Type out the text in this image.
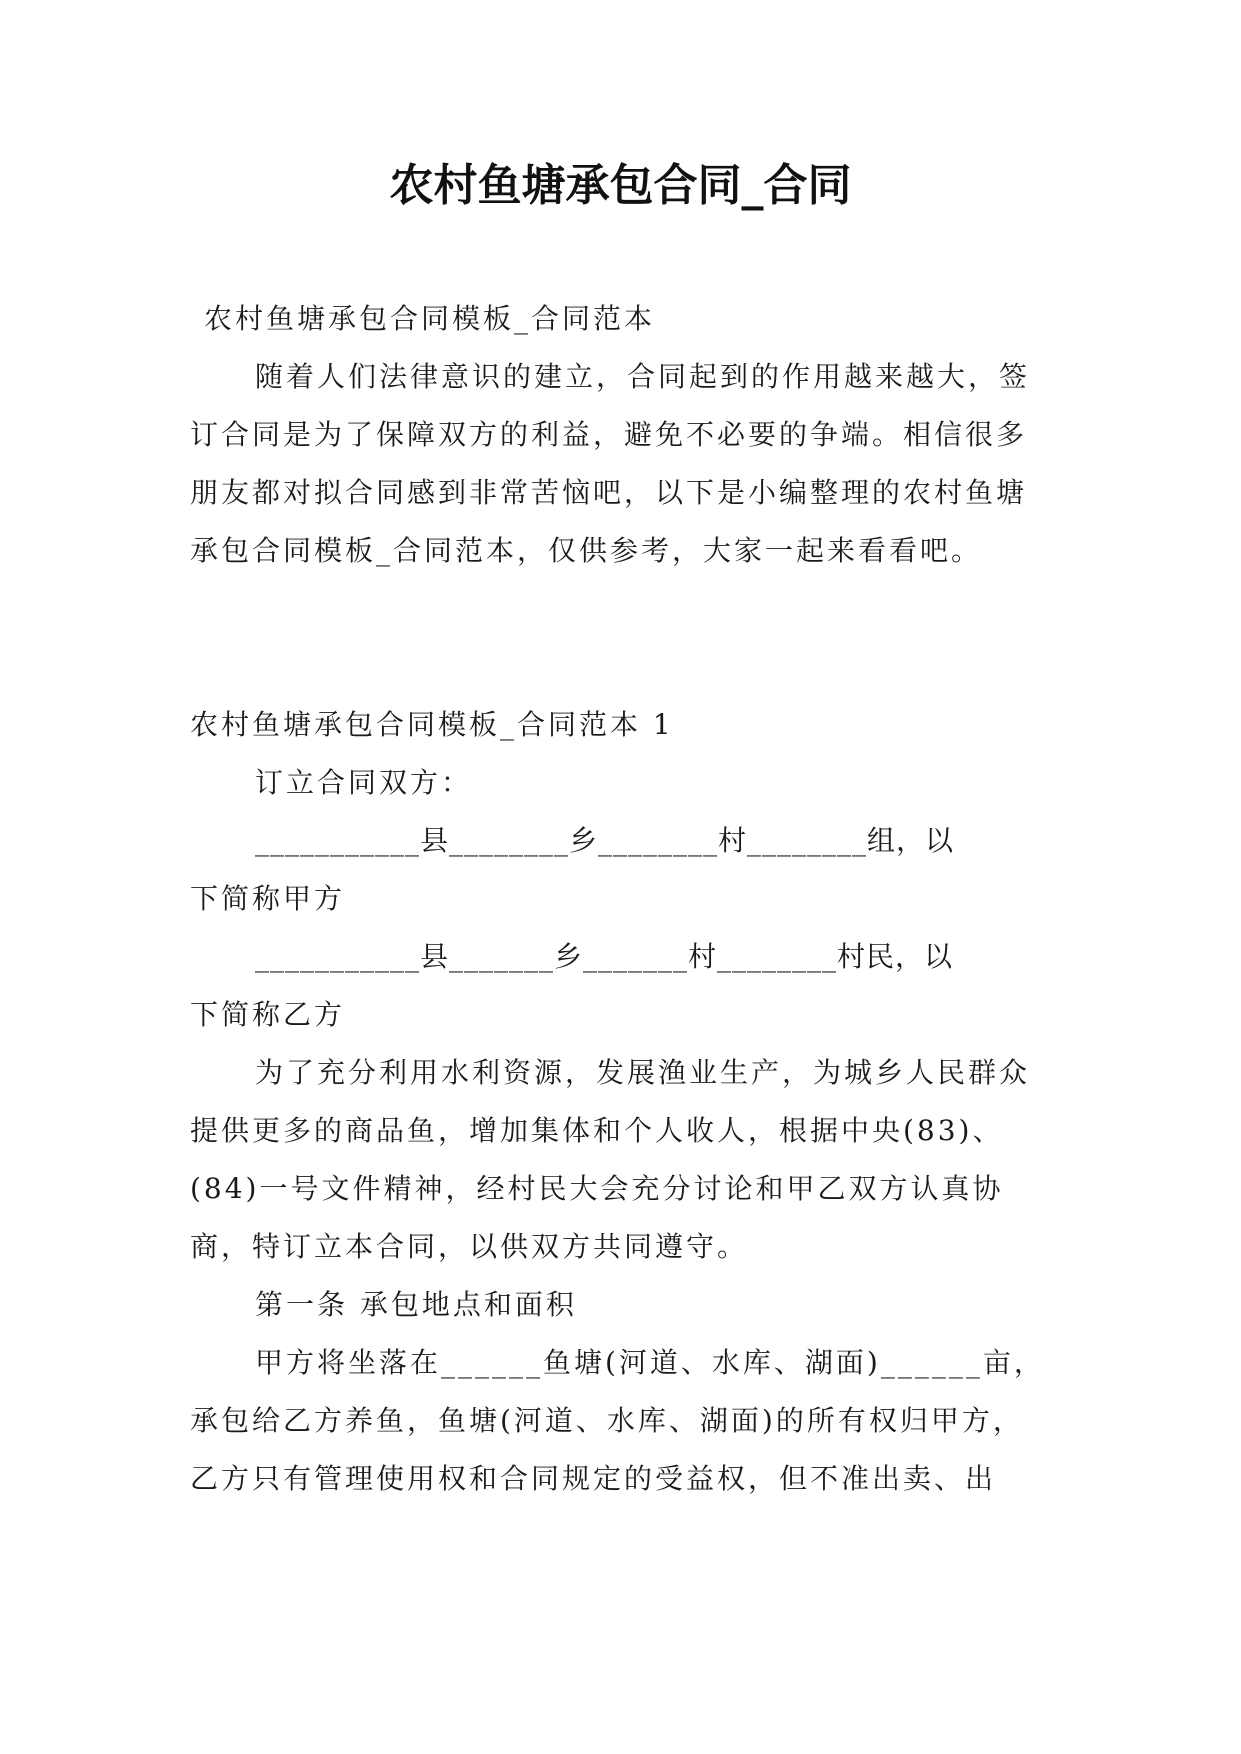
农村鱼塘承包合同_合同

农村鱼塘承包合同模板_合同范本

随着人们法律意识的建立，合同起到的作用越来越大，签订合同是为了保障双方的利益，避免不必要的争端。相信很多朋友都对拟合同感到非常苦恼吧，以下是小编整理的农村鱼塘承包合同模板_合同范本，仅供参考，大家一起来看看吧。

农村鱼塘承包合同模板_合同范本 1

订立合同双方：

___________县________乡________村________组，以

下简称甲方

___________县_______乡_______村________村民，以

下简称乙方

为了充分利用水利资源，发展渔业生产，为城乡人民群众提供更多的商品鱼，增加集体和个人收人，根据中央(83)、(84)一号文件精神，经村民大会充分讨论和甲乙双方认真协商，特订立本合同，以供双方共同遵守。

第一条 承包地点和面积

甲方将坐落在______鱼塘(河道、水库、湖面)______亩，承包给乙方养鱼，鱼塘(河道、水库、湖面)的所有权归甲方，乙方只有管理使用权和合同规定的受益权，但不准出卖、出
